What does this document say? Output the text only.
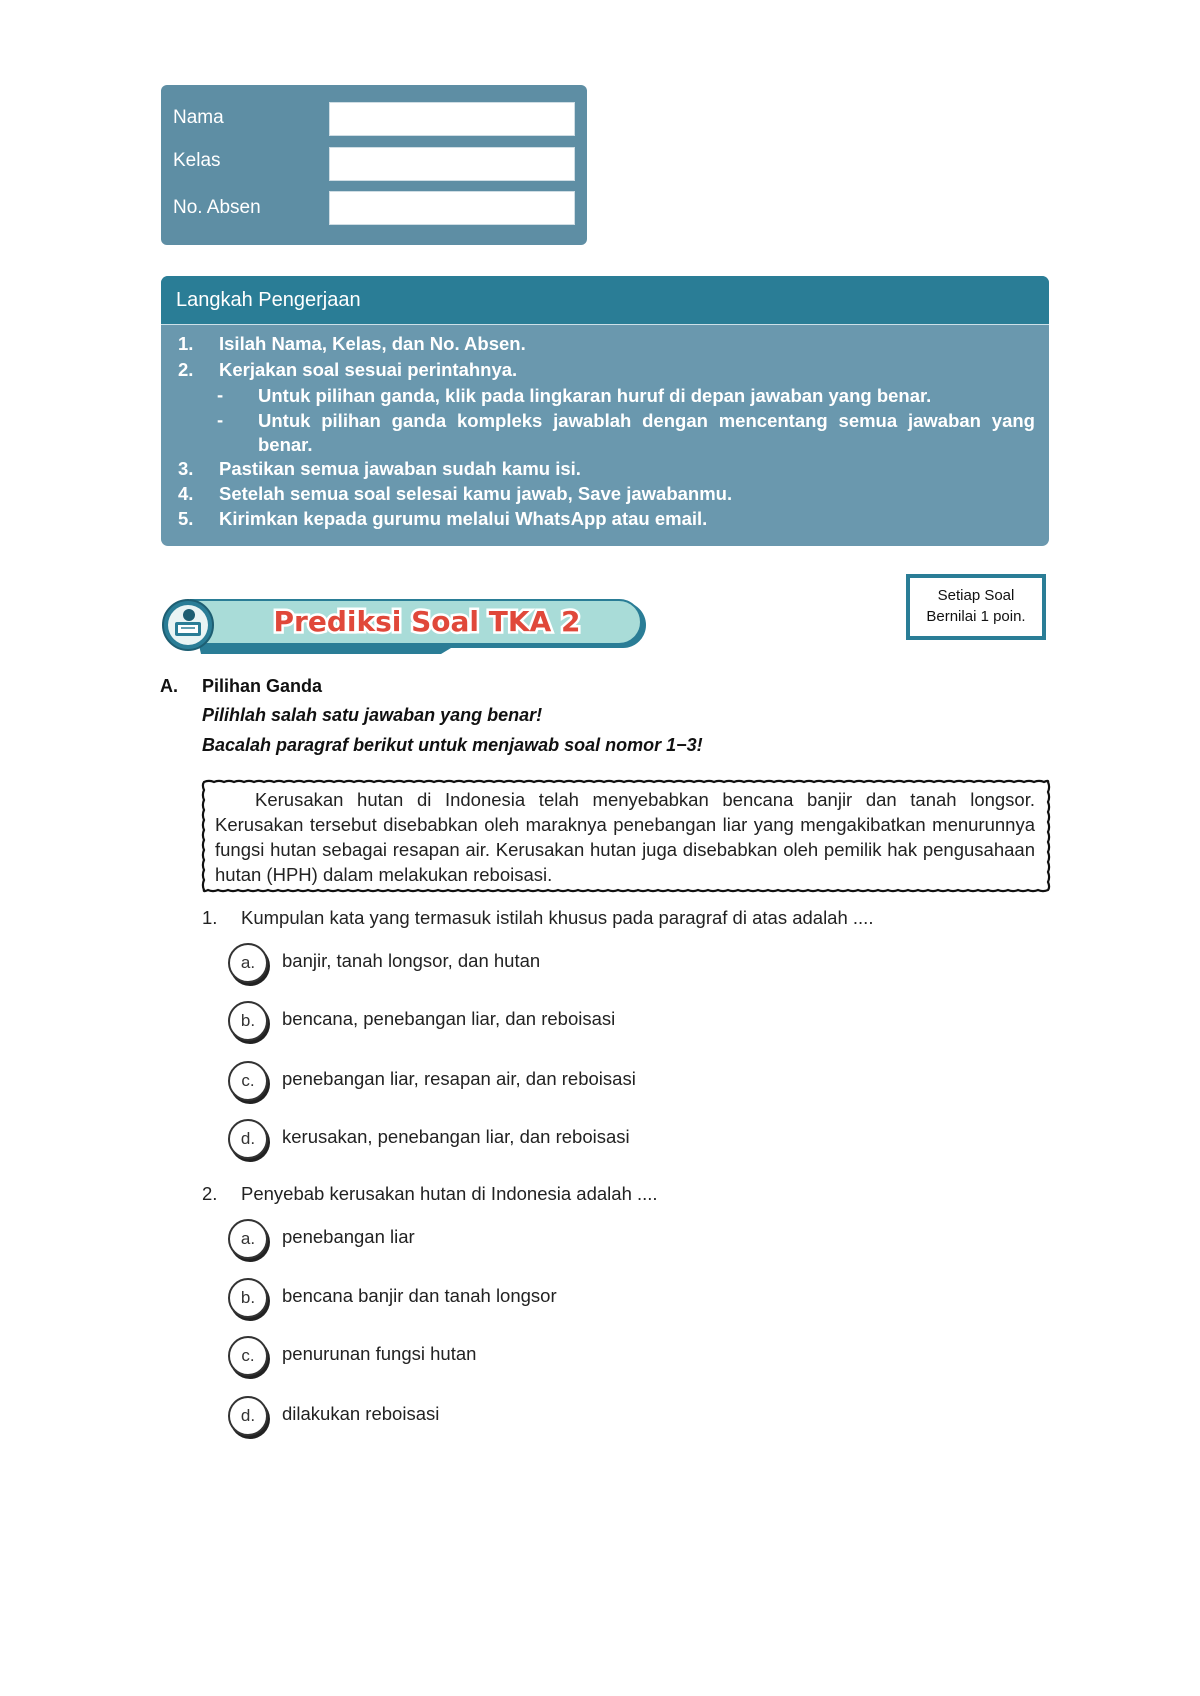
Nama
Kelas
No. Absen
Langkah Pengerjaan
1. Isilah Nama, Kelas, dan No. Absen.
2. Kerjakan soal sesuai perintahnya.
- Untuk pilihan ganda, klik pada lingkaran huruf di depan jawaban yang benar.
- Untuk pilihan ganda kompleks jawablah dengan mencentang semua jawaban yang benar.
3. Pastikan semua jawaban sudah kamu isi.
4. Setelah semua soal selesai kamu jawab, Save jawabanmu.
5. Kirimkan kepada gurumu melalui WhatsApp atau email.
Prediksi Soal TKA 2
Setiap Soal
Bernilai 1 poin.
A. Pilihan Ganda
Pilihlah salah satu jawaban yang benar!
Bacalah paragraf berikut untuk menjawab soal nomor 1−3!
Kerusakan hutan di Indonesia telah menyebabkan bencana banjir dan tanah longsor. Kerusakan tersebut disebabkan oleh maraknya penebangan liar yang mengakibatkan menurunnya fungsi hutan sebagai resapan air. Kerusakan hutan juga disebabkan oleh pemilik hak pengusahaan hutan (HPH) dalam melakukan reboisasi.
1. Kumpulan kata yang termasuk istilah khusus pada paragraf di atas adalah ....
a.	banjir, tanah longsor, dan hutan
b.	bencana, penebangan liar, dan reboisasi
c.	penebangan liar, resapan air, dan reboisasi
d.	kerusakan, penebangan liar, dan reboisasi
2. Penyebab kerusakan hutan di Indonesia adalah ....
a.	penebangan liar
b.	bencana banjir dan tanah longsor
c.	penurunan fungsi hutan
d.	dilakukan reboisasi
